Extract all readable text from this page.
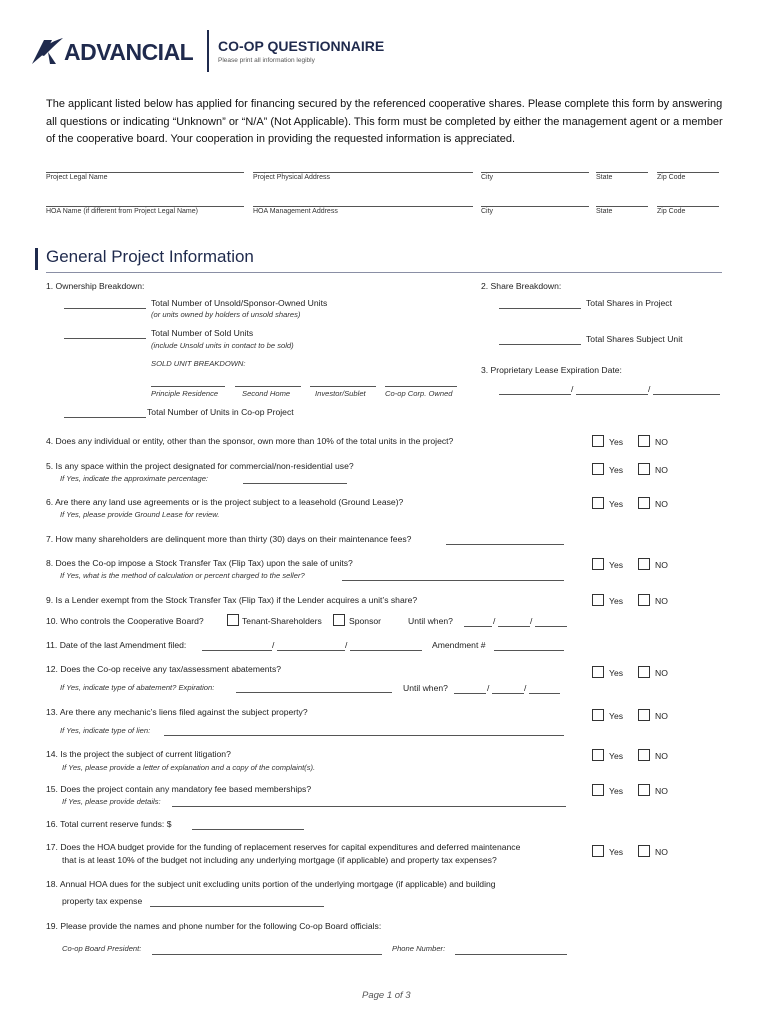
ADVANCIAL CO-OP QUESTIONNAIRE
Please print all information legibly
The applicant listed below has applied for financing secured by the referenced cooperative shares. Please complete this form by answering all questions or indicating “Unknown” or “N/A” (Not Applicable). This form must be completed by either the management agent or a member of the cooperative board. Your cooperation in providing the requested information is appreciated.
Project Legal Name	Project Physical Address	City	State	Zip Code
HOA Name (if different from Project Legal Name)	HOA Management Address	City	State	Zip Code
General Project Information
1. Ownership Breakdown:
Total Number of Unsold/Sponsor-Owned Units
(or units owned by holders of unsold shares)
Total Number of Sold Units
(include Unsold units in contact to be sold)
SOLD UNIT BREAKDOWN:
Principle Residence	Second Home	Investor/Sublet	Co-op Corp. Owned
Total Number of Units in Co-op Project
2. Share Breakdown:
Total Shares in Project
Total Shares Subject Unit
3. Proprietary Lease Expiration Date:
/	/
4. Does any individual or entity, other than the sponsor, own more than 10% of the total units in the project?	Yes	NO
5. Is any space within the project designated for commercial/non-residential use?
If Yes, indicate the approximate percentage:
Yes	NO
6. Are there any land use agreements or is the project subject to a leasehold (Ground Lease)?
If Yes, please provide Ground Lease for review.
Yes	NO
7. How many shareholders are delinquent more than thirty (30) days on their maintenance fees?
8. Does the Co-op impose a Stock Transfer Tax (Flip Tax) upon the sale of units?
If Yes, what is the method of calculation or percent charged to the seller?
Yes	NO
9. Is a Lender exempt from the Stock Transfer Tax (Flip Tax) if the Lender acquires a unit’s share?	Yes	NO
10. Who controls the Cooperative Board?	Tenant-Shareholders	Sponsor	Until when?	/	/
11. Date of the last Amendment filed:	/	/	Amendment #
12. Does the Co-op receive any tax/assessment abatements?
If Yes, indicate type of abatement? Expiration:	Until when?	/	/
Yes	NO
13. Are there any mechanic’s liens filed against the subject property?
If Yes, indicate type of lien:
Yes	NO
14. Is the project the subject of current litigation?
If Yes, please provide a letter of explanation and a copy of the complaint(s).
Yes	NO
15. Does the project contain any mandatory fee based memberships?
If Yes, please provide details:
Yes	NO
16. Total current reserve funds: $
17. Does the HOA budget provide for the funding of replacement reserves for capital expenditures and deferred maintenance
that is at least 10% of the budget not including any underlying mortgage (if applicable) and property tax expenses?
Yes	NO
18. Annual HOA dues for the subject unit excluding units portion of the underlying mortgage (if applicable) and building
property tax expense
19. Please provide the names and phone number for the following Co-op Board officials:
Co-op Board President:	Phone Number:
Page 1 of 3
